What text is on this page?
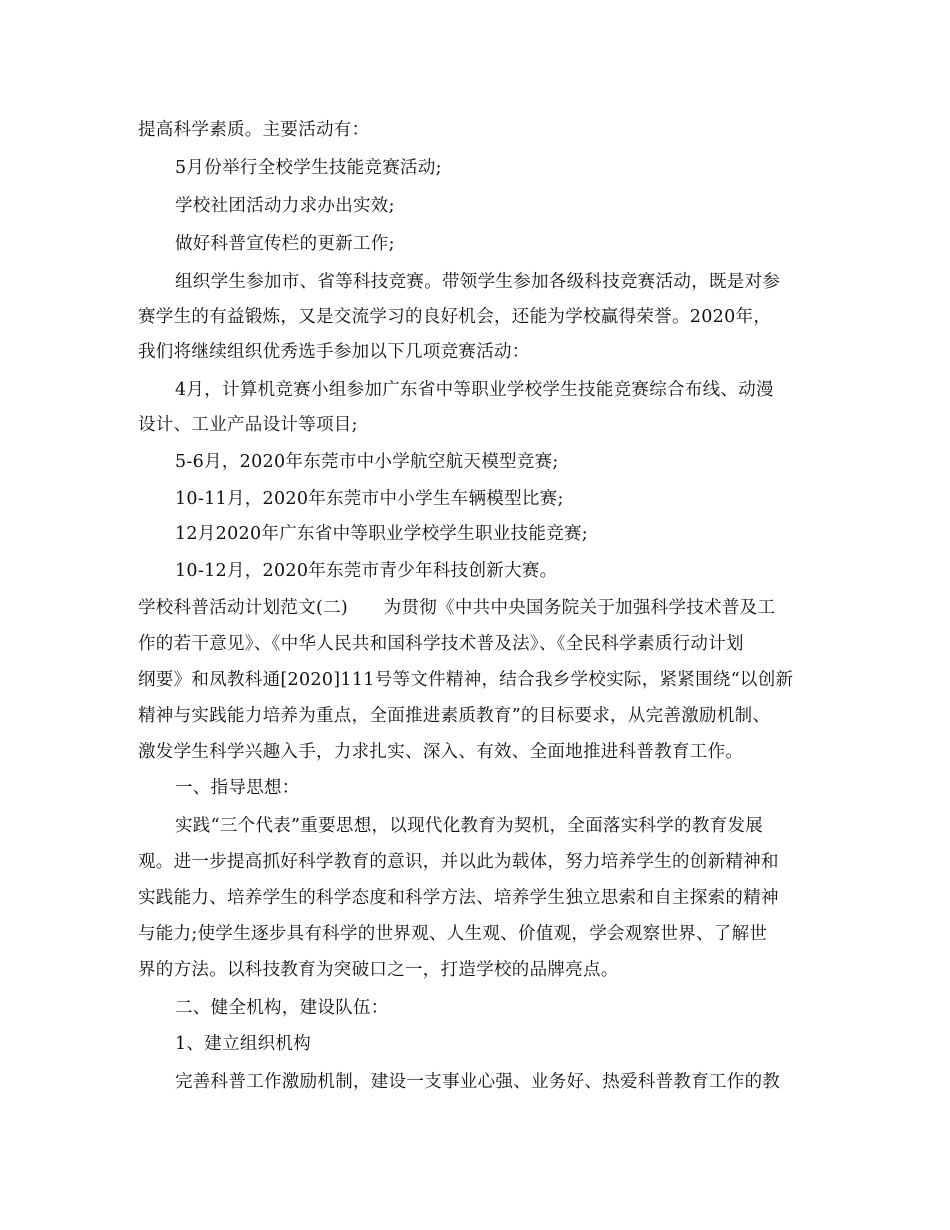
提高科学素质。主要活动有：

5月份举行全校学生技能竞赛活动;

学校社团活动力求办出实效;

做好科普宣传栏的更新工作;

组织学生参加市、省等科技竞赛。带领学生参加各级科技竞赛活动，既是对参

赛学生的有益锻炼，又是交流学习的良好机会，还能为学校赢得荣誉。2020年，

我们将继续组织优秀选手参加以下几项竞赛活动：

4月，计算机竞赛小组参加广东省中等职业学校学生技能竞赛综合布线、动漫

设计、工业产品设计等项目;

5-6月，2020年东莞市中小学航空航天模型竞赛;

10-11月，2020年东莞市中小学生车辆模型比赛;

12月2020年广东省中等职业学校学生职业技能竞赛;

10-12月，2020年东莞市青少年科技创新大赛。

学校科普活动计划范文(二)　　为贯彻《中共中央国务院关于加强科学技术普及工

作的若干意见》、《中华人民共和国科学技术普及法》、《全民科学素质行动计划

纲要》和凤教科通[2020]111号等文件精神，结合我乡学校实际，紧紧围绕“以创新

精神与实践能力培养为重点，全面推进素质教育”的目标要求，从完善激励机制、

激发学生科学兴趣入手，力求扎实、深入、有效、全面地推进科普教育工作。

一、指导思想：

实践“三个代表”重要思想，以现代化教育为契机，全面落实科学的教育发展

观。进一步提高抓好科学教育的意识，并以此为载体，努力培养学生的创新精神和

实践能力、培养学生的科学态度和科学方法、培养学生独立思索和自主探索的精神

与能力;使学生逐步具有科学的世界观、人生观、价值观，学会观察世界、了解世

界的方法。以科技教育为突破口之一，打造学校的品牌亮点。

二、健全机构，建设队伍：

1、建立组织机构

完善科普工作激励机制，建设一支事业心强、业务好、热爱科普教育工作的教
